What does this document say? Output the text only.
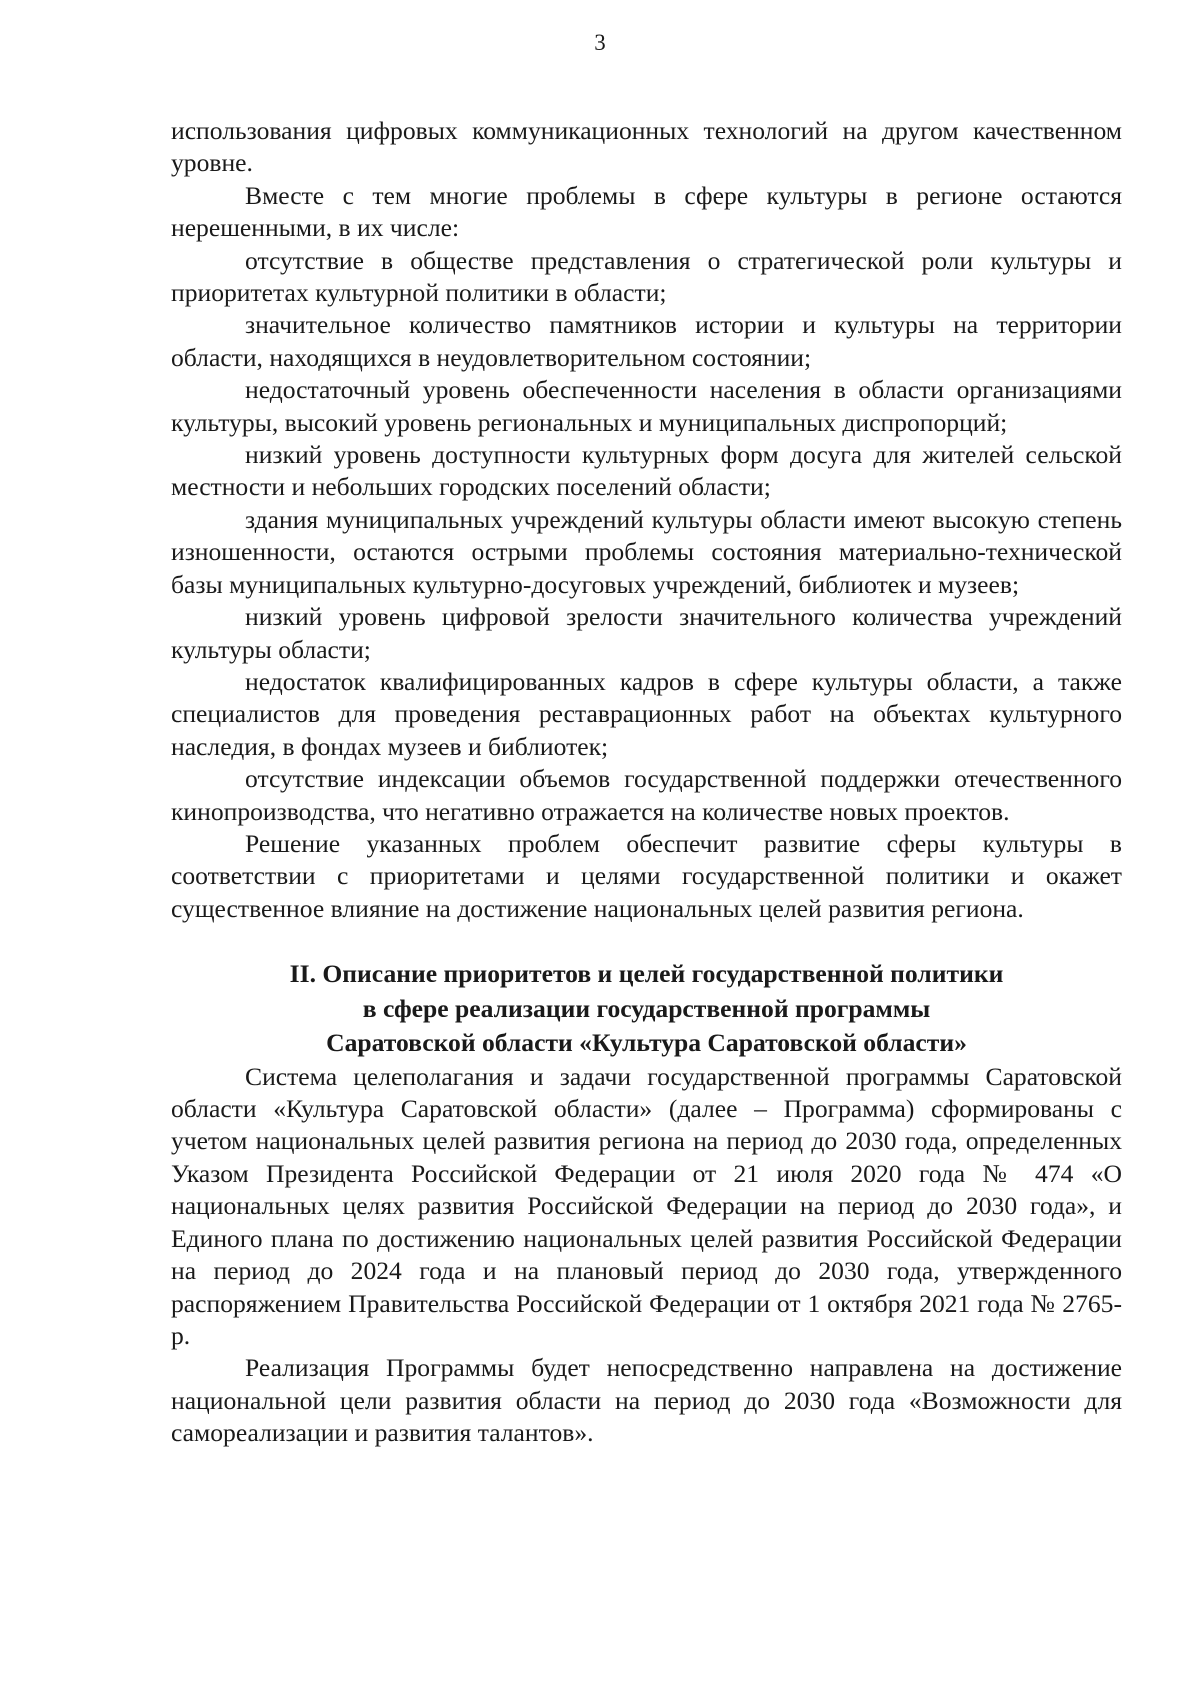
3

использования цифровых коммуникационных технологий на другом качественном уровне.

Вместе с тем многие проблемы в сфере культуры в регионе остаются нерешенными, в их числе:

отсутствие в обществе представления о стратегической роли культуры и приоритетах культурной политики в области;

значительное количество памятников истории и культуры на территории области, находящихся в неудовлетворительном состоянии;

недостаточный уровень обеспеченности населения в области организациями культуры, высокий уровень региональных и муниципальных диспропорций;

низкий уровень доступности культурных форм досуга для жителей сельской местности и небольших городских поселений области;

здания муниципальных учреждений культуры области имеют высокую степень изношенности, остаются острыми проблемы состояния материально-технической базы муниципальных культурно-досуговых учреждений, библиотек и музеев;

низкий уровень цифровой зрелости значительного количества учреждений культуры области;

недостаток квалифицированных кадров в сфере культуры области, а также специалистов для проведения реставрационных работ на объектах культурного наследия, в фондах музеев и библиотек;

отсутствие индексации объемов государственной поддержки отечественного кинопроизводства, что негативно отражается на количестве новых проектов.

Решение указанных проблем обеспечит развитие сферы культуры в соответствии с приоритетами и целями государственной политики и окажет существенное влияние на достижение национальных целей развития региона.

II. Описание приоритетов и целей государственной политики
в сфере реализации государственной программы
Саратовской области «Культура Саратовской области»

Система целеполагания и задачи государственной программы Саратовской области «Культура Саратовской области» (далее – Программа) сформированы с учетом национальных целей развития региона на период до 2030 года, определенных Указом Президента Российской Федерации от 21 июля 2020 года № 474 «О национальных целях развития Российской Федерации на период до 2030 года», и Единого плана по достижению национальных целей развития Российской Федерации на период до 2024 года и на плановый период до 2030 года, утвержденного распоряжением Правительства Российской Федерации от 1 октября 2021 года № 2765-р.

Реализация Программы будет непосредственно направлена на достижение национальной цели развития области на период до 2030 года «Возможности для самореализации и развития талантов».
